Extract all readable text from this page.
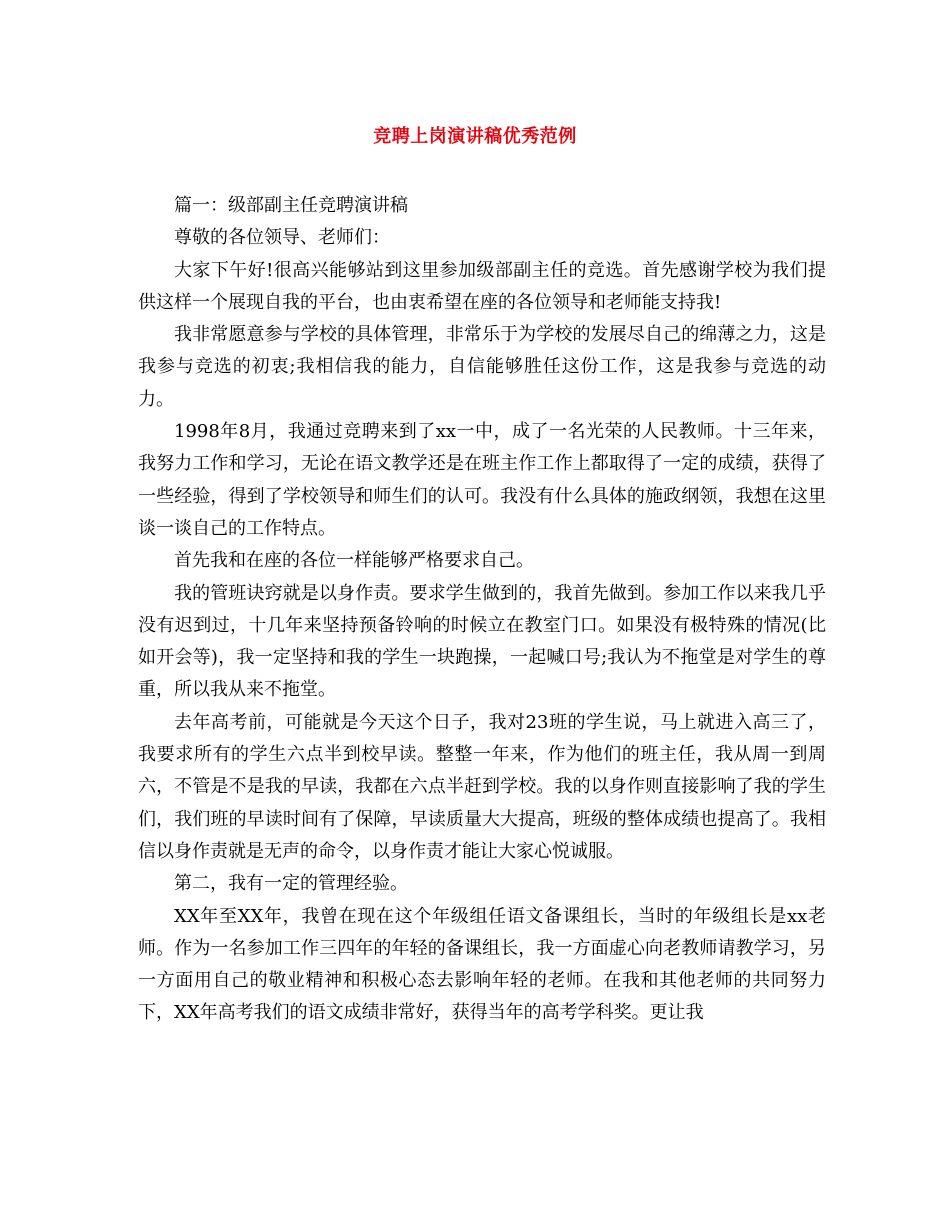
竞聘上岗演讲稿优秀范例

篇一：级部副主任竞聘演讲稿

尊敬的各位领导、老师们：

大家下午好!很高兴能够站到这里参加级部副主任的竞选。首先感谢学校为我们提供这样一个展现自我的平台，也由衷希望在座的各位领导和老师能支持我!

我非常愿意参与学校的具体管理，非常乐于为学校的发展尽自己的绵薄之力，这是我参与竞选的初衷;我相信我的能力，自信能够胜任这份工作，这是我参与竞选的动力。

1998年8月，我通过竞聘来到了xx一中，成了一名光荣的人民教师。十三年来，我努力工作和学习，无论在语文教学还是在班主作工作上都取得了一定的成绩，获得了一些经验，得到了学校领导和师生们的认可。我没有什么具体的施政纲领，我想在这里谈一谈自己的工作特点。

首先我和在座的各位一样能够严格要求自己。

我的管班诀窍就是以身作责。要求学生做到的，我首先做到。参加工作以来我几乎没有迟到过，十几年来坚持预备铃响的时候立在教室门口。如果没有极特殊的情况(比如开会等)，我一定坚持和我的学生一块跑操，一起喊口号;我认为不拖堂是对学生的尊重，所以我从来不拖堂。

去年高考前，可能就是今天这个日子，我对23班的学生说，马上就进入高三了，我要求所有的学生六点半到校早读。整整一年来，作为他们的班主任，我从周一到周六，不管是不是我的早读，我都在六点半赶到学校。我的以身作则直接影响了我的学生们，我们班的早读时间有了保障，早读质量大大提高，班级的整体成绩也提高了。我相信以身作责就是无声的命令，以身作责才能让大家心悦诚服。

第二，我有一定的管理经验。

XX年至XX年，我曾在现在这个年级组任语文备课组长，当时的年级组长是xx老师。作为一名参加工作三四年的年轻的备课组长，我一方面虚心向老教师请教学习，另一方面用自己的敬业精神和积极心态去影响年轻的老师。在我和其他老师的共同努力下，XX年高考我们的语文成绩非常好，获得当年的高考学科奖。更让我
